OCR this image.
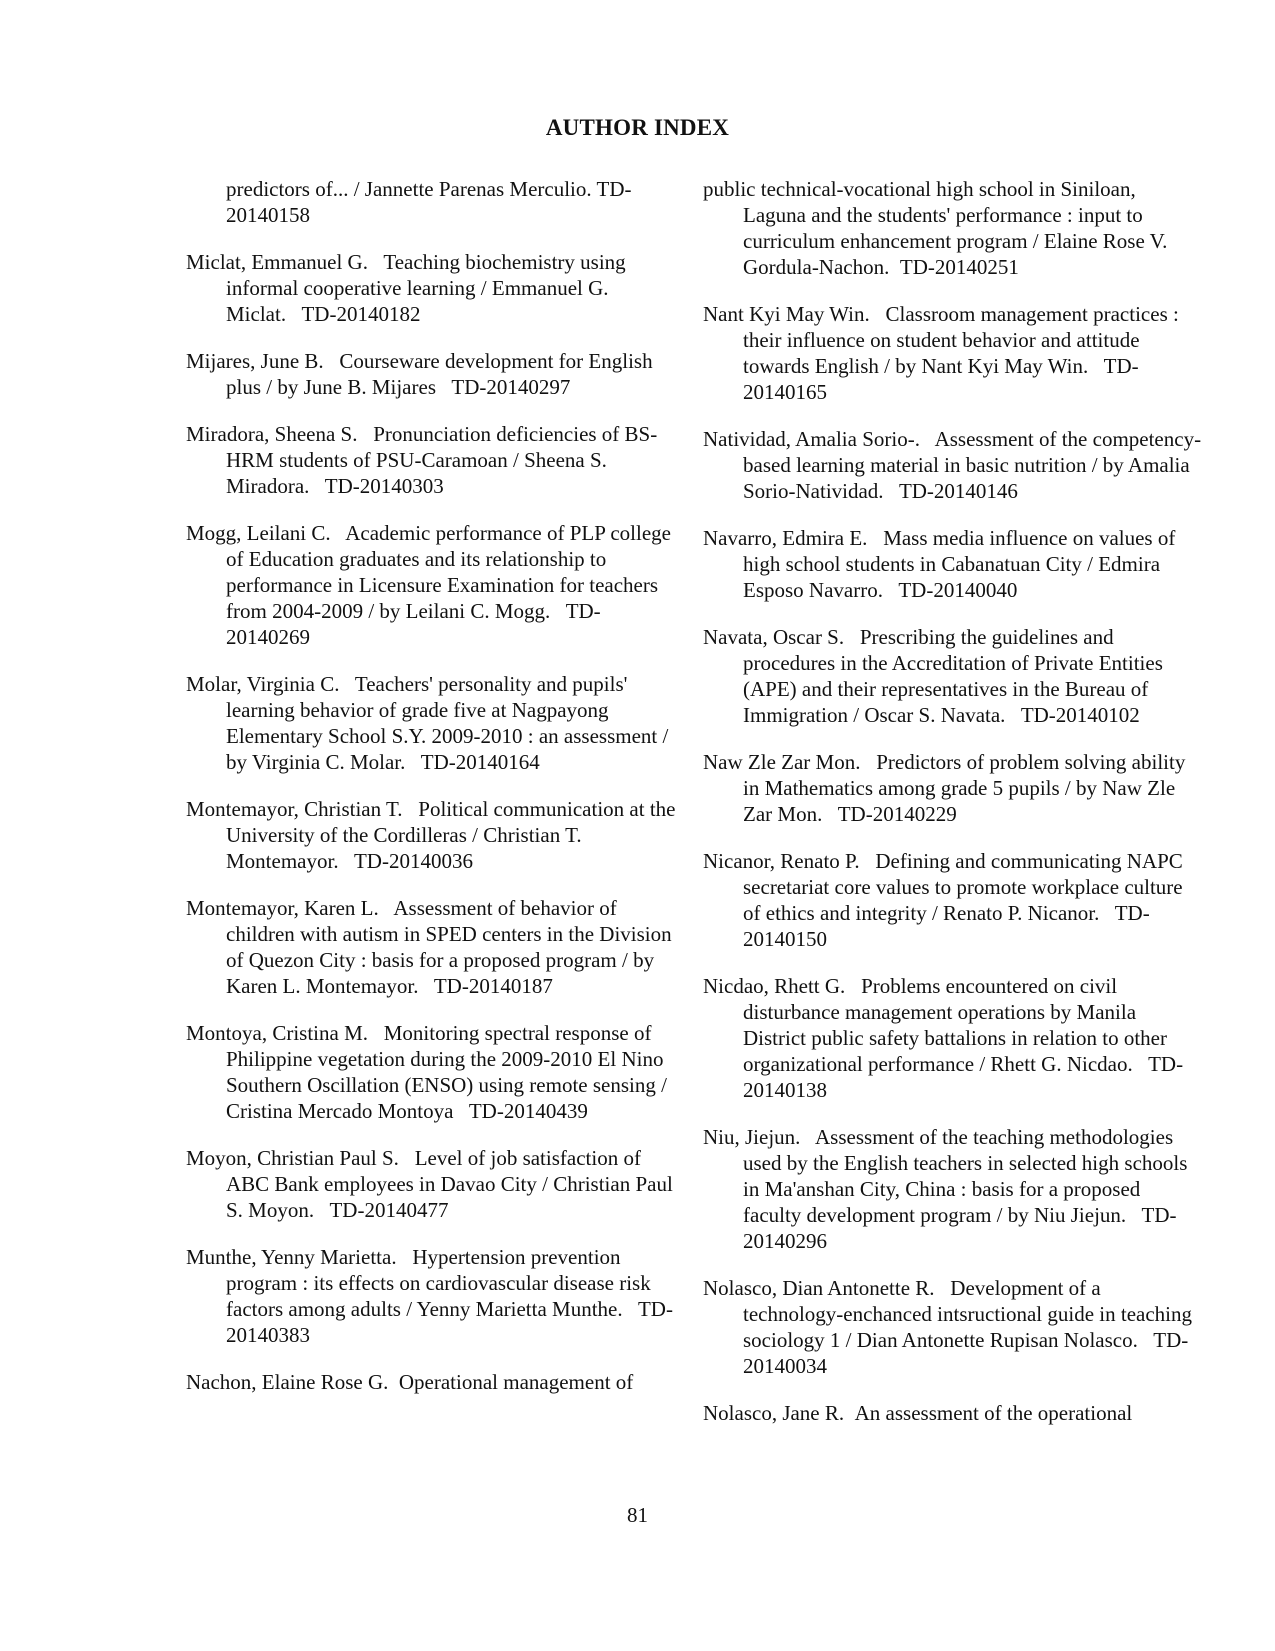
AUTHOR INDEX
predictors of... / Jannette Parenas Merculio. TD-20140158
Miclat, Emmanuel G. Teaching biochemistry using informal cooperative learning / Emmanuel G. Miclat. TD-20140182
Mijares, June B. Courseware development for English plus / by June B. Mijares TD-20140297
Miradora, Sheena S. Pronunciation deficiencies of BS-HRM students of PSU-Caramoan / Sheena S. Miradora. TD-20140303
Mogg, Leilani C. Academic performance of PLP college of Education graduates and its relationship to performance in Licensure Examination for teachers from 2004-2009 / by Leilani C. Mogg. TD-20140269
Molar, Virginia C. Teachers' personality and pupils' learning behavior of grade five at Nagpayong Elementary School S.Y. 2009-2010 : an assessment / by Virginia C. Molar. TD-20140164
Montemayor, Christian T. Political communication at the University of the Cordilleras / Christian T. Montemayor. TD-20140036
Montemayor, Karen L. Assessment of behavior of children with autism in SPED centers in the Division of Quezon City : basis for a proposed program / by Karen L. Montemayor. TD-20140187
Montoya, Cristina M. Monitoring spectral response of Philippine vegetation during the 2009-2010 El Nino Southern Oscillation (ENSO) using remote sensing / Cristina Mercado Montoya TD-20140439
Moyon, Christian Paul S. Level of job satisfaction of ABC Bank employees in Davao City / Christian Paul S. Moyon. TD-20140477
Munthe, Yenny Marietta. Hypertension prevention program : its effects on cardiovascular disease risk factors among adults / Yenny Marietta Munthe. TD-20140383
Nachon, Elaine Rose G. Operational management of
public technical-vocational high school in Siniloan, Laguna and the students' performance : input to curriculum enhancement program / Elaine Rose V. Gordula-Nachon. TD-20140251
Nant Kyi May Win. Classroom management practices : their influence on student behavior and attitude towards English / by Nant Kyi May Win. TD-20140165
Natividad, Amalia Sorio-. Assessment of the competency-based learning material in basic nutrition / by Amalia Sorio-Natividad. TD-20140146
Navarro, Edmira E. Mass media influence on values of high school students in Cabanatuan City / Edmira Esposo Navarro. TD-20140040
Navata, Oscar S. Prescribing the guidelines and procedures in the Accreditation of Private Entities (APE) and their representatives in the Bureau of Immigration / Oscar S. Navata. TD-20140102
Naw Zle Zar Mon. Predictors of problem solving ability in Mathematics among grade 5 pupils / by Naw Zle Zar Mon. TD-20140229
Nicanor, Renato P. Defining and communicating NAPC secretariat core values to promote workplace culture of ethics and integrity / Renato P. Nicanor. TD-20140150
Nicdao, Rhett G. Problems encountered on civil disturbance management operations by Manila District public safety battalions in relation to other organizational performance / Rhett G. Nicdao. TD-20140138
Niu, Jiejun. Assessment of the teaching methodologies used by the English teachers in selected high schools in Ma'anshan City, China : basis for a proposed faculty development program / by Niu Jiejun. TD-20140296
Nolasco, Dian Antonette R. Development of a technology-enchanced intsructional guide in teaching sociology 1 / Dian Antonette Rupisan Nolasco. TD-20140034
Nolasco, Jane R. An assessment of the operational
81
